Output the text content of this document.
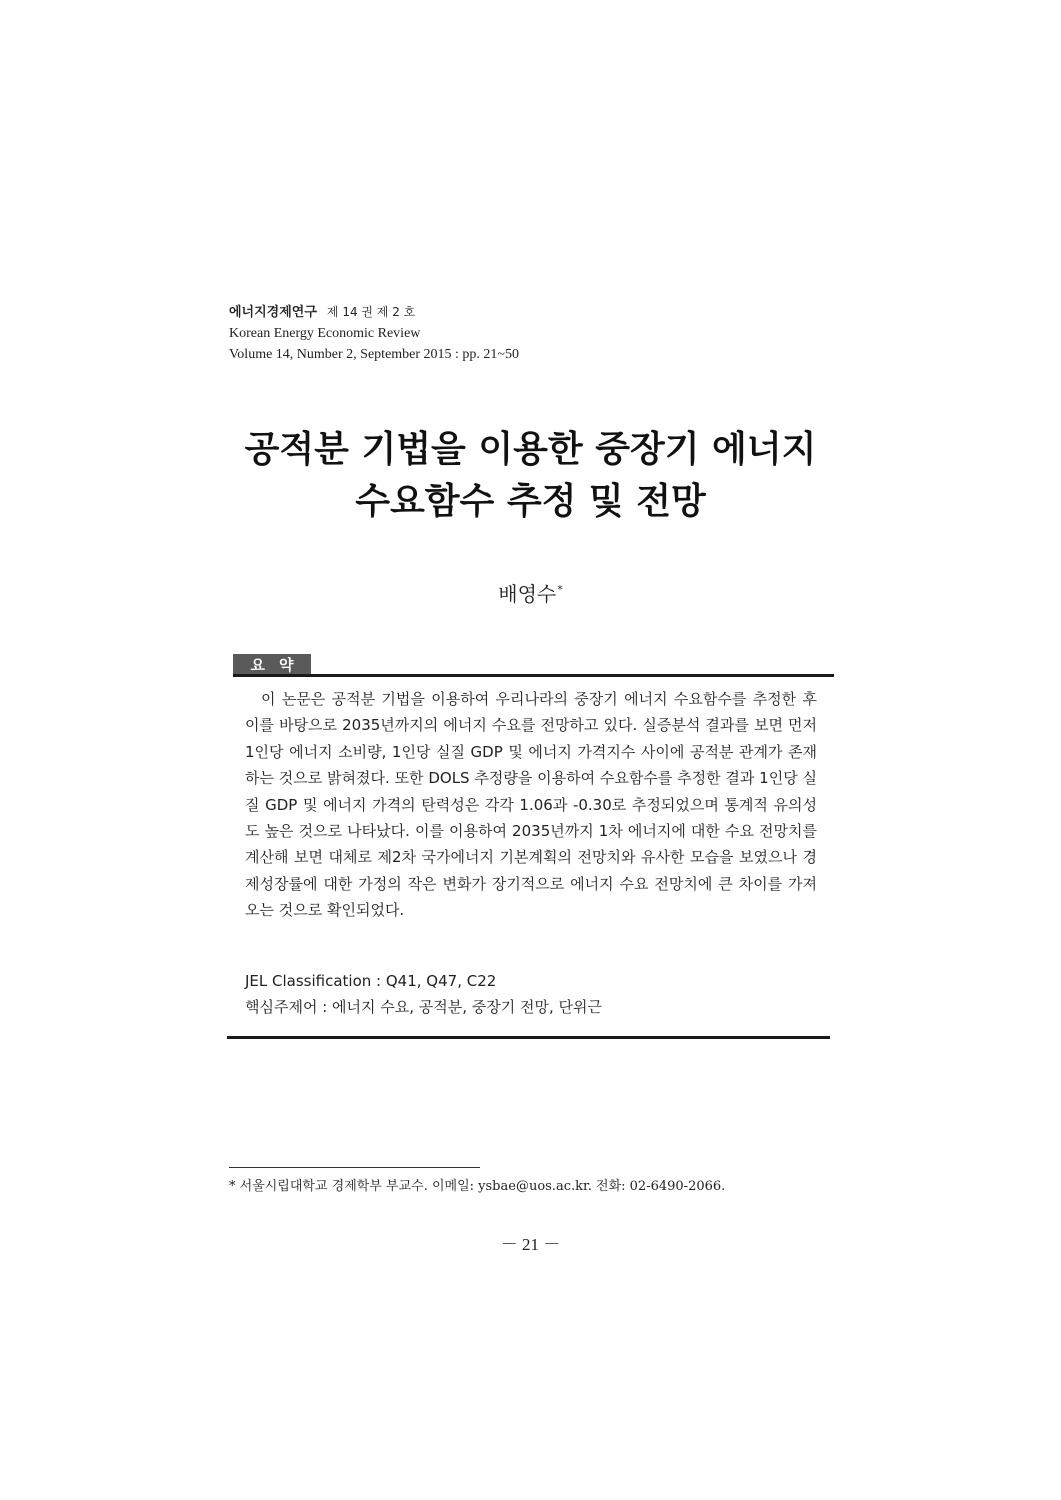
에너지경제연구 제 14 권 제 2 호
Korean Energy Economic Review
Volume 14, Number 2, September 2015 : pp. 21~50
공적분 기법을 이용한 중장기 에너지
수요함수 추정 및 전망
배영수*
요약

이 논문은 공적분 기법을 이용하여 우리나라의 중장기 에너지 수요함수를 추정한 후 이를 바탕으로 2035년까지의 에너지 수요를 전망하고 있다. 실증분석 결과를 보면 먼저 1인당 에너지 소비량, 1인당 실질 GDP 및 에너지 가격지수 사이에 공적분 관계가 존재하는 것으로 밝혀졌다. 또한 DOLS 추정량을 이용하여 수요함수를 추정한 결과 1인당 실질 GDP 및 에너지 가격의 탄력성은 각각 1.06과 -0.30로 추정되었으며 통계적 유의성도 높은 것으로 나타났다. 이를 이용하여 2035년까지 1차 에너지에 대한 수요 전망치를 계산해 보면 대체로 제2차 국가에너지 기본계획의 전망치와 유사한 모습을 보였으나 경제성장률에 대한 가정의 작은 변화가 장기적으로 에너지 수요 전망치에 큰 차이를 가져오는 것으로 확인되었다.

JEL Classification : Q41, Q47, C22
핵심주제어 : 에너지 수요, 공적분, 중장기 전망, 단위근
* 서울시립대학교 경제학부 부교수. 이메일: ysbae@uos.ac.kr. 전화: 02-6490-2066.
－ 21 －
